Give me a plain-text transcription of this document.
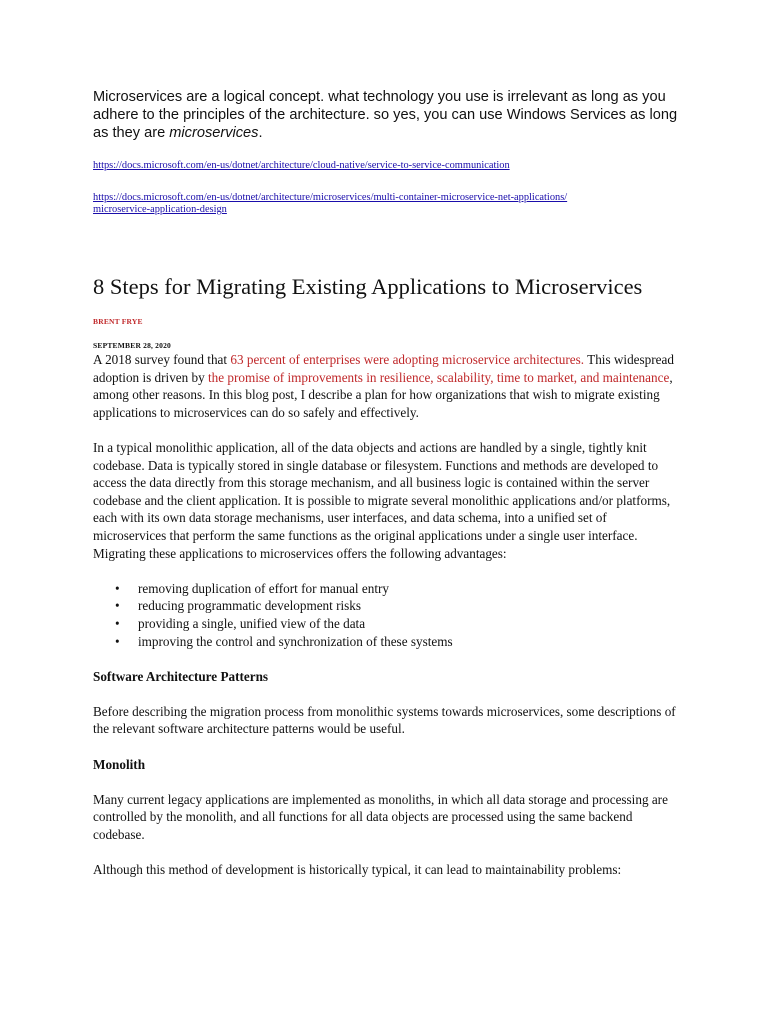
Microservices are a logical concept. what technology you use is irrelevant as long as you adhere to the principles of the architecture. so yes, you can use Windows Services as long as they are microservices.

https://docs.microsoft.com/en-us/dotnet/architecture/cloud-native/service-to-service-communication
https://docs.microsoft.com/en-us/dotnet/architecture/microservices/multi-container-microservice-net-applications/microservice-application-design
8 Steps for Migrating Existing Applications to Microservices
BRENT FRYE
SEPTEMBER 28, 2020

A 2018 survey found that 63 percent of enterprises were adopting microservice architectures. This widespread adoption is driven by the promise of improvements in resilience, scalability, time to market, and maintenance, among other reasons. In this blog post, I describe a plan for how organizations that wish to migrate existing applications to microservices can do so safely and effectively.

In a typical monolithic application, all of the data objects and actions are handled by a single, tightly knit codebase. Data is typically stored in single database or filesystem. Functions and methods are developed to access the data directly from this storage mechanism, and all business logic is contained within the server codebase and the client application. It is possible to migrate several monolithic applications and/or platforms, each with its own data storage mechanisms, user interfaces, and data schema, into a unified set of microservices that perform the same functions as the original applications under a single user interface. Migrating these applications to microservices offers the following advantages:

• removing duplication of effort for manual entry
• reducing programmatic development risks
• providing a single, unified view of the data
• improving the control and synchronization of these systems

Software Architecture Patterns

Before describing the migration process from monolithic systems towards microservices, some descriptions of the relevant software architecture patterns would be useful.

Monolith

Many current legacy applications are implemented as monoliths, in which all data storage and processing are controlled by the monolith, and all functions for all data objects are processed using the same backend codebase.

Although this method of development is historically typical, it can lead to maintainability problems:
